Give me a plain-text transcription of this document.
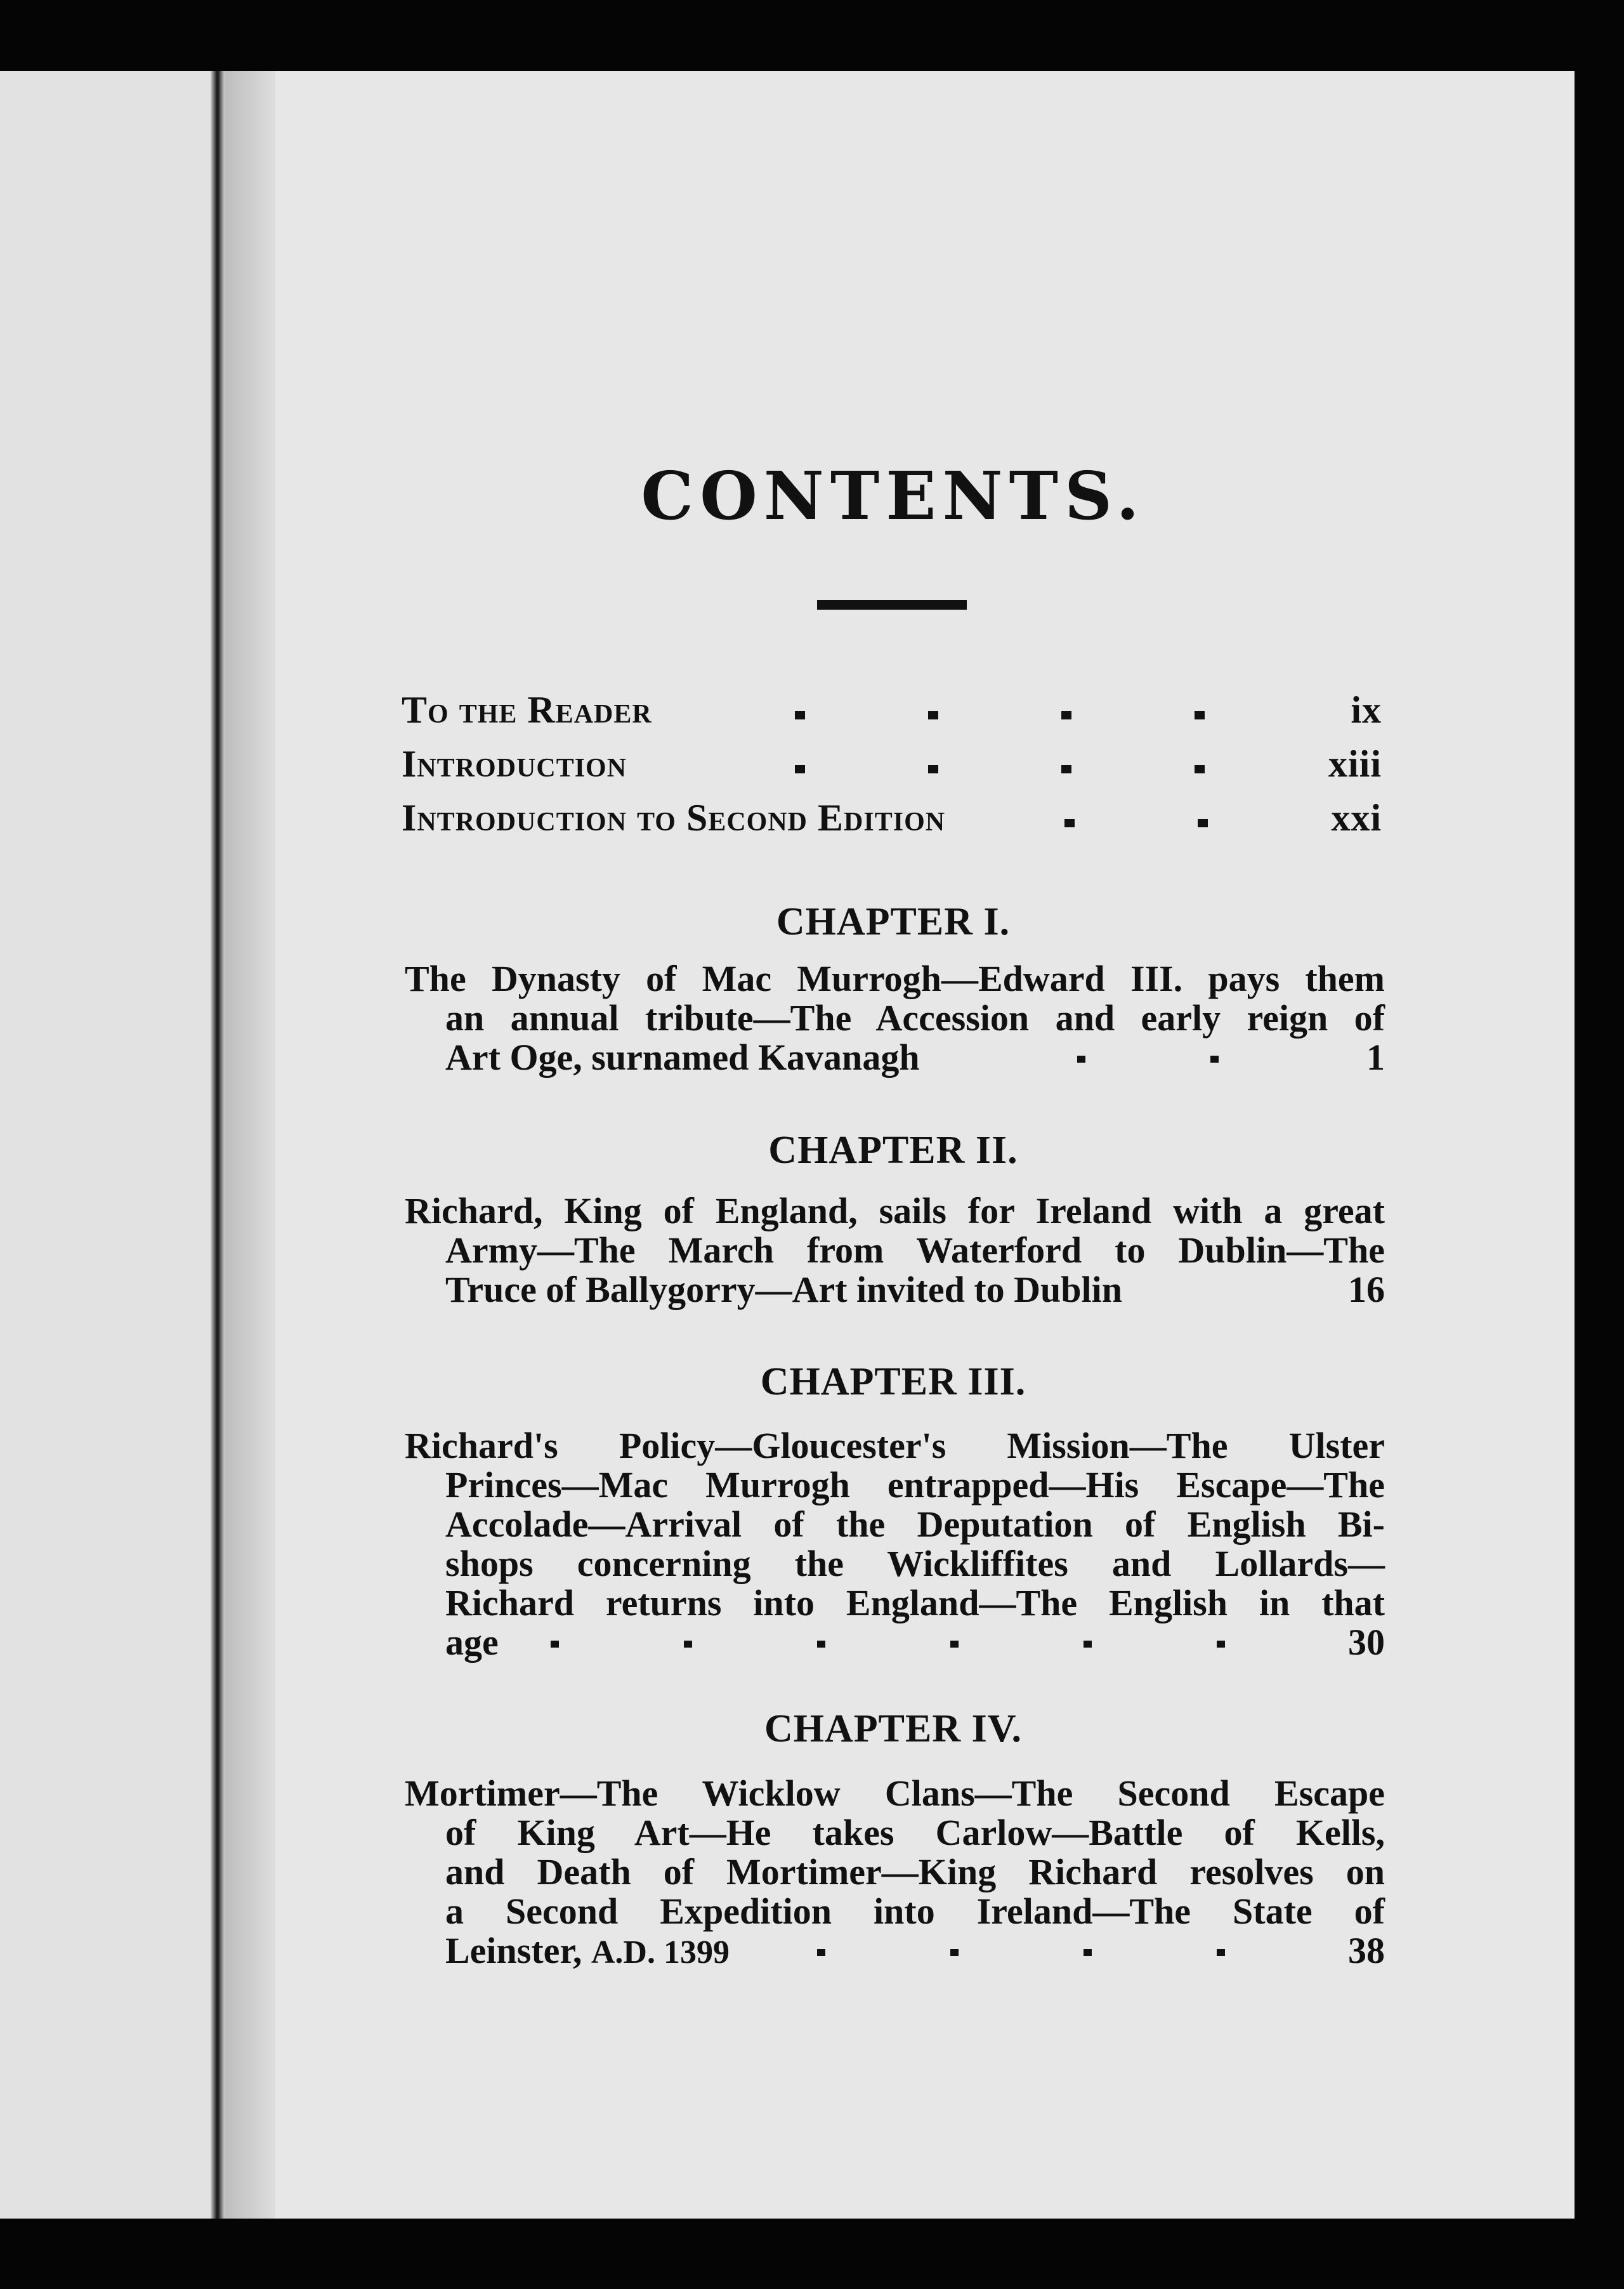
CONTENTS.
To the Reader	ix
Introduction	xiii
Introduction to Second Edition	xxi
CHAPTER I.
The Dynasty of Mac Murrogh—Edward III. pays them
an annual tribute—The Accession and early reign of
Art Oge, surnamed Kavanagh	1
CHAPTER II.
Richard, King of England, sails for Ireland with a great
Army—The March from Waterford to Dublin—The
Truce of Ballygorry—Art invited to Dublin	16
CHAPTER III.
Richard's Policy—Gloucester's Mission—The Ulster
Princes—Mac Murrogh entrapped—His Escape—The
Accolade—Arrival of the Deputation of English Bi-
shops concerning the Wickliffites and Lollards—
Richard returns into England—The English in that
age	30
CHAPTER IV.
Mortimer—The Wicklow Clans—The Second Escape
of King Art—He takes Carlow—Battle of Kells,
and Death of Mortimer—King Richard resolves on
a Second Expedition into Ireland—The State of
Leinster, A.D. 1399	38
